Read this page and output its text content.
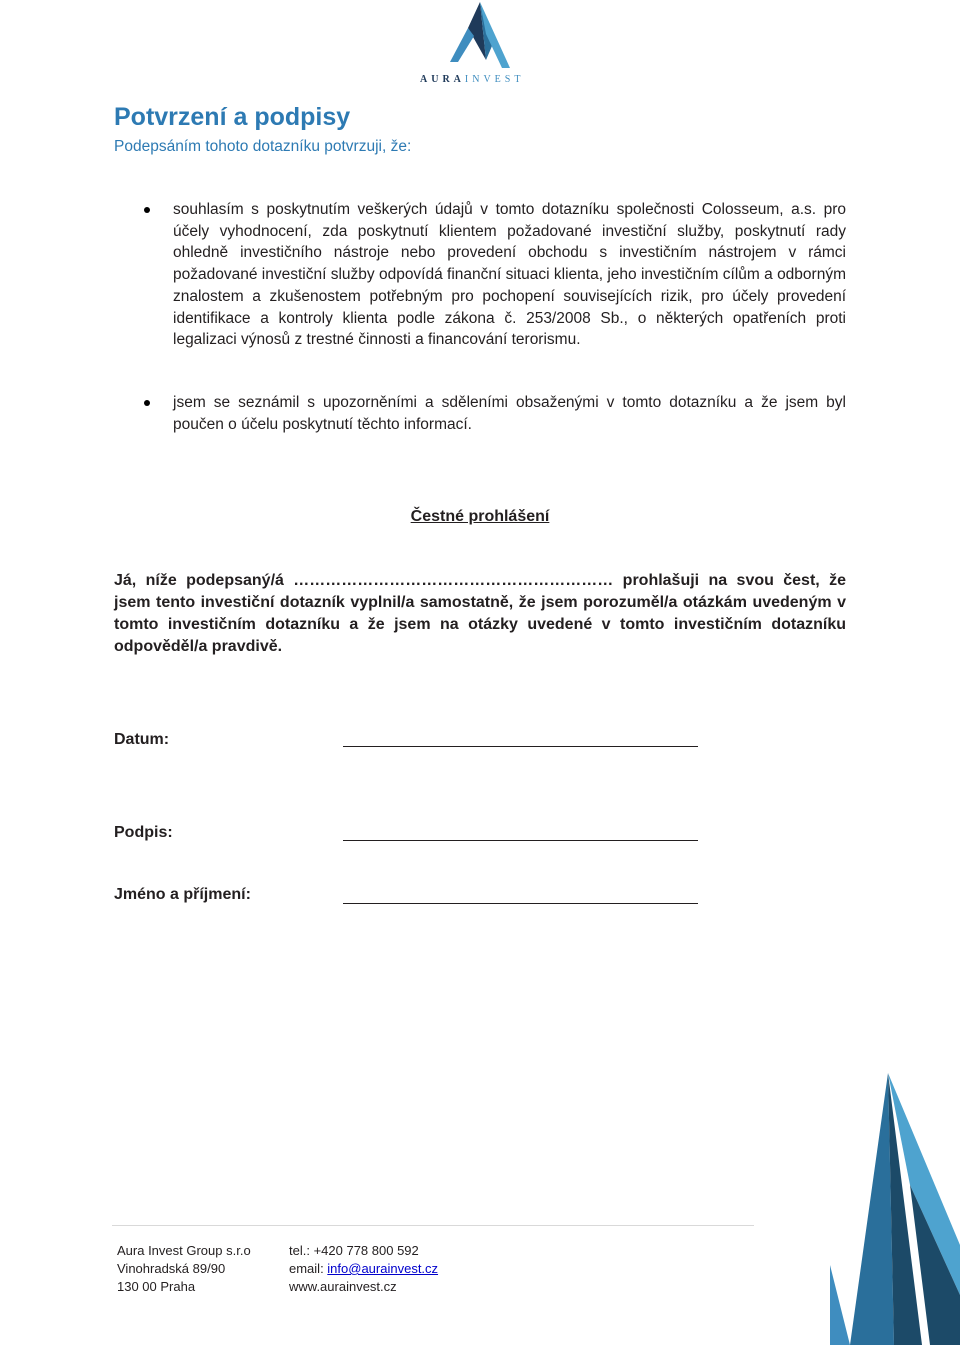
AURAINVEST
Potvrzení a podpisy

Podepsáním tohoto dotazníku potvrzuji, že:

souhlasím s poskytnutím veškerých údajů v tomto dotazníku společnosti Colosseum, a.s. pro účely vyhodnocení, zda poskytnutí klientem požadované investiční služby, poskytnutí rady ohledně investičního nástroje nebo provedení obchodu s investičním nástrojem v rámci požadované investiční služby odpovídá finanční situaci klienta, jeho investičním cílům a odborným znalostem a zkušenostem potřebným pro pochopení souvisejících rizik, pro účely provedení identifikace a kontroly klienta podle zákona č. 253/2008 Sb., o některých opatřeních proti legalizaci výnosů z trestné činnosti a financování terorismu.
jsem se seznámil s upozorněními a sděleními obsaženými v tomto dotazníku a že jsem byl poučen o účelu poskytnutí těchto informací.
Čestné prohlášení

Já, níže podepsaný/á …………………………………………………… prohlašuji na svou čest, že jsem tento investiční dotazník vyplnil/a samostatně, že jsem porozuměl/a otázkám uvedeným v tomto investičním dotazníku a že jsem na otázky uvedené v tomto investičním dotazníku odpověděl/a pravdivě.

Datum:
Podpis:
Jméno a příjmení:
Aura Invest Group s.r.o
Vinohradská 89/90
130 00 Praha
tel.: +420 778 800 592
email: info@aurainvest.cz
www.aurainvest.cz
